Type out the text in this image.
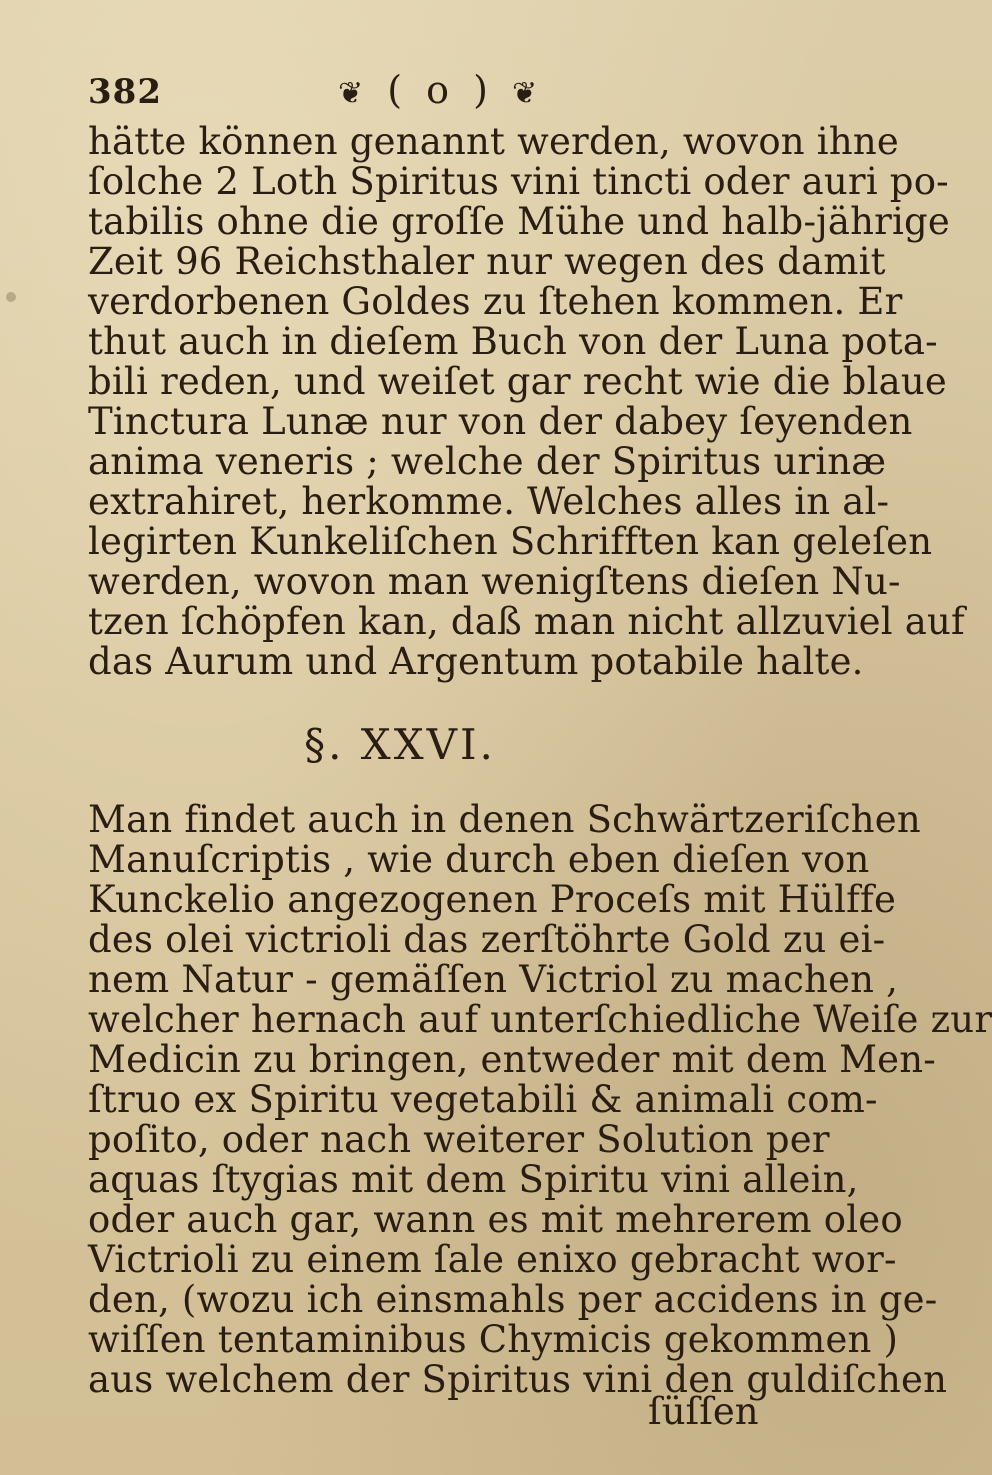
382	❦ ( o ) ❦
hätte können genannt werden, wovon ihne
ſolche 2 Loth Spiritus vini tincti oder auri po-
tabilis ohne die groſſe Mühe und halb-jährige
Zeit 96 Reichsthaler nur wegen des damit
verdorbenen Goldes zu ſtehen kommen. Er
thut auch in dieſem Buch von der Luna pota-
bili reden, und weiſet gar recht wie die blaue
Tinctura Lunæ nur von der dabey ſeyenden
anima veneris ; welche der Spiritus urinæ
extrahiret, herkomme. Welches alles in al-
legirten Kunkeliſchen Schrifften kan geleſen
werden, wovon man wenigſtens dieſen Nu-
tzen ſchöpfen kan, daß man nicht allzuviel auf
das Aurum und Argentum potabile halte.
§. XXVI.
Man findet auch in denen Schwärtzeriſchen
Manuſcriptis , wie durch eben dieſen von
Kunckelio angezogenen Proceſs mit Hülffe
des olei victrioli das zerſtöhrte Gold zu ei-
nem Natur - gemäſſen Victriol zu machen ,
welcher hernach auf unterſchiedliche Weiſe zur
Medicin zu bringen, entweder mit dem Men-
ſtruo ex Spiritu vegetabili & animali com-
poſito, oder nach weiterer Solution per
aquas ſtygias mit dem Spiritu vini allein,
oder auch gar, wann es mit mehrerem oleo
Victrioli zu einem ſale enixo gebracht wor-
den, (wozu ich einsmahls per accidens in ge-
wiſſen tentaminibus Chymicis gekommen )
aus welchem der Spiritus vini den guldiſchen
ſüſſen
